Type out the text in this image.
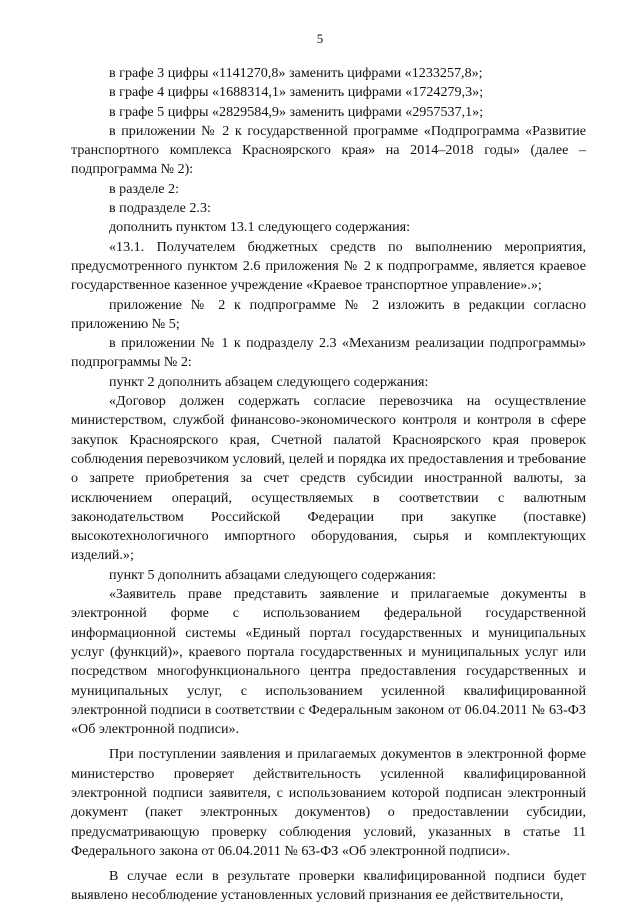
5

в графе 3 цифры «1141270,8» заменить цифрами «1233257,8»;

в графе 4 цифры «1688314,1» заменить цифрами «1724279,3»;

в графе 5 цифры «2829584,9» заменить цифрами «2957537,1»;

в приложении № 2 к государственной программе «Подпрограмма «Развитие транспортного комплекса Красноярского края» на 2014–2018 годы» (далее – подпрограмма № 2):

в разделе 2:

в подразделе 2.3:

дополнить пунктом 13.1 следующего содержания:

«13.1. Получателем бюджетных средств по выполнению мероприятия, предусмотренного пунктом 2.6 приложения № 2 к подпрограмме, является краевое государственное казенное учреждение «Краевое транспортное управление».»;

приложение № 2 к подпрограмме № 2 изложить в редакции согласно приложению № 5;

в приложении № 1 к подразделу 2.3 «Механизм реализации подпрограммы» подпрограммы № 2:

пункт 2 дополнить абзацем следующего содержания:

«Договор должен содержать согласие перевозчика на осуществление министерством, службой финансово-экономического контроля и контроля в сфере закупок Красноярского края, Счетной палатой Красноярского края проверок соблюдения перевозчиком условий, целей и порядка их предоставления и требование о запрете приобретения за счет средств субсидии иностранной валюты, за исключением операций, осуществляемых в соответствии с валютным законодательством Российской Федерации при закупке (поставке) высокотехнологичного импортного оборудования, сырья и комплектующих изделий.»;

пункт 5 дополнить абзацами следующего содержания:

«Заявитель праве представить заявление и прилагаемые документы в электронной форме с использованием федеральной государственной информационной системы «Единый портал государственных и муниципальных услуг (функций)», краевого портала государственных и муниципальных услуг или посредством многофункционального центра предоставления государственных и муниципальных услуг, с использованием усиленной квалифицированной электронной подписи в соответствии с Федеральным законом от 06.04.2011 № 63-ФЗ «Об электронной подписи».

При поступлении заявления и прилагаемых документов в электронной форме министерство проверяет действительность усиленной квалифицированной электронной подписи заявителя, с использованием которой подписан электронный документ (пакет электронных документов) о предоставлении субсидии, предусматривающую проверку соблюдения условий, указанных в статье 11 Федерального закона от 06.04.2011 № 63-ФЗ «Об электронной подписи».

В случае если в результате проверки квалифицированной подписи будет выявлено несоблюдение установленных условий признания ее действительности,
